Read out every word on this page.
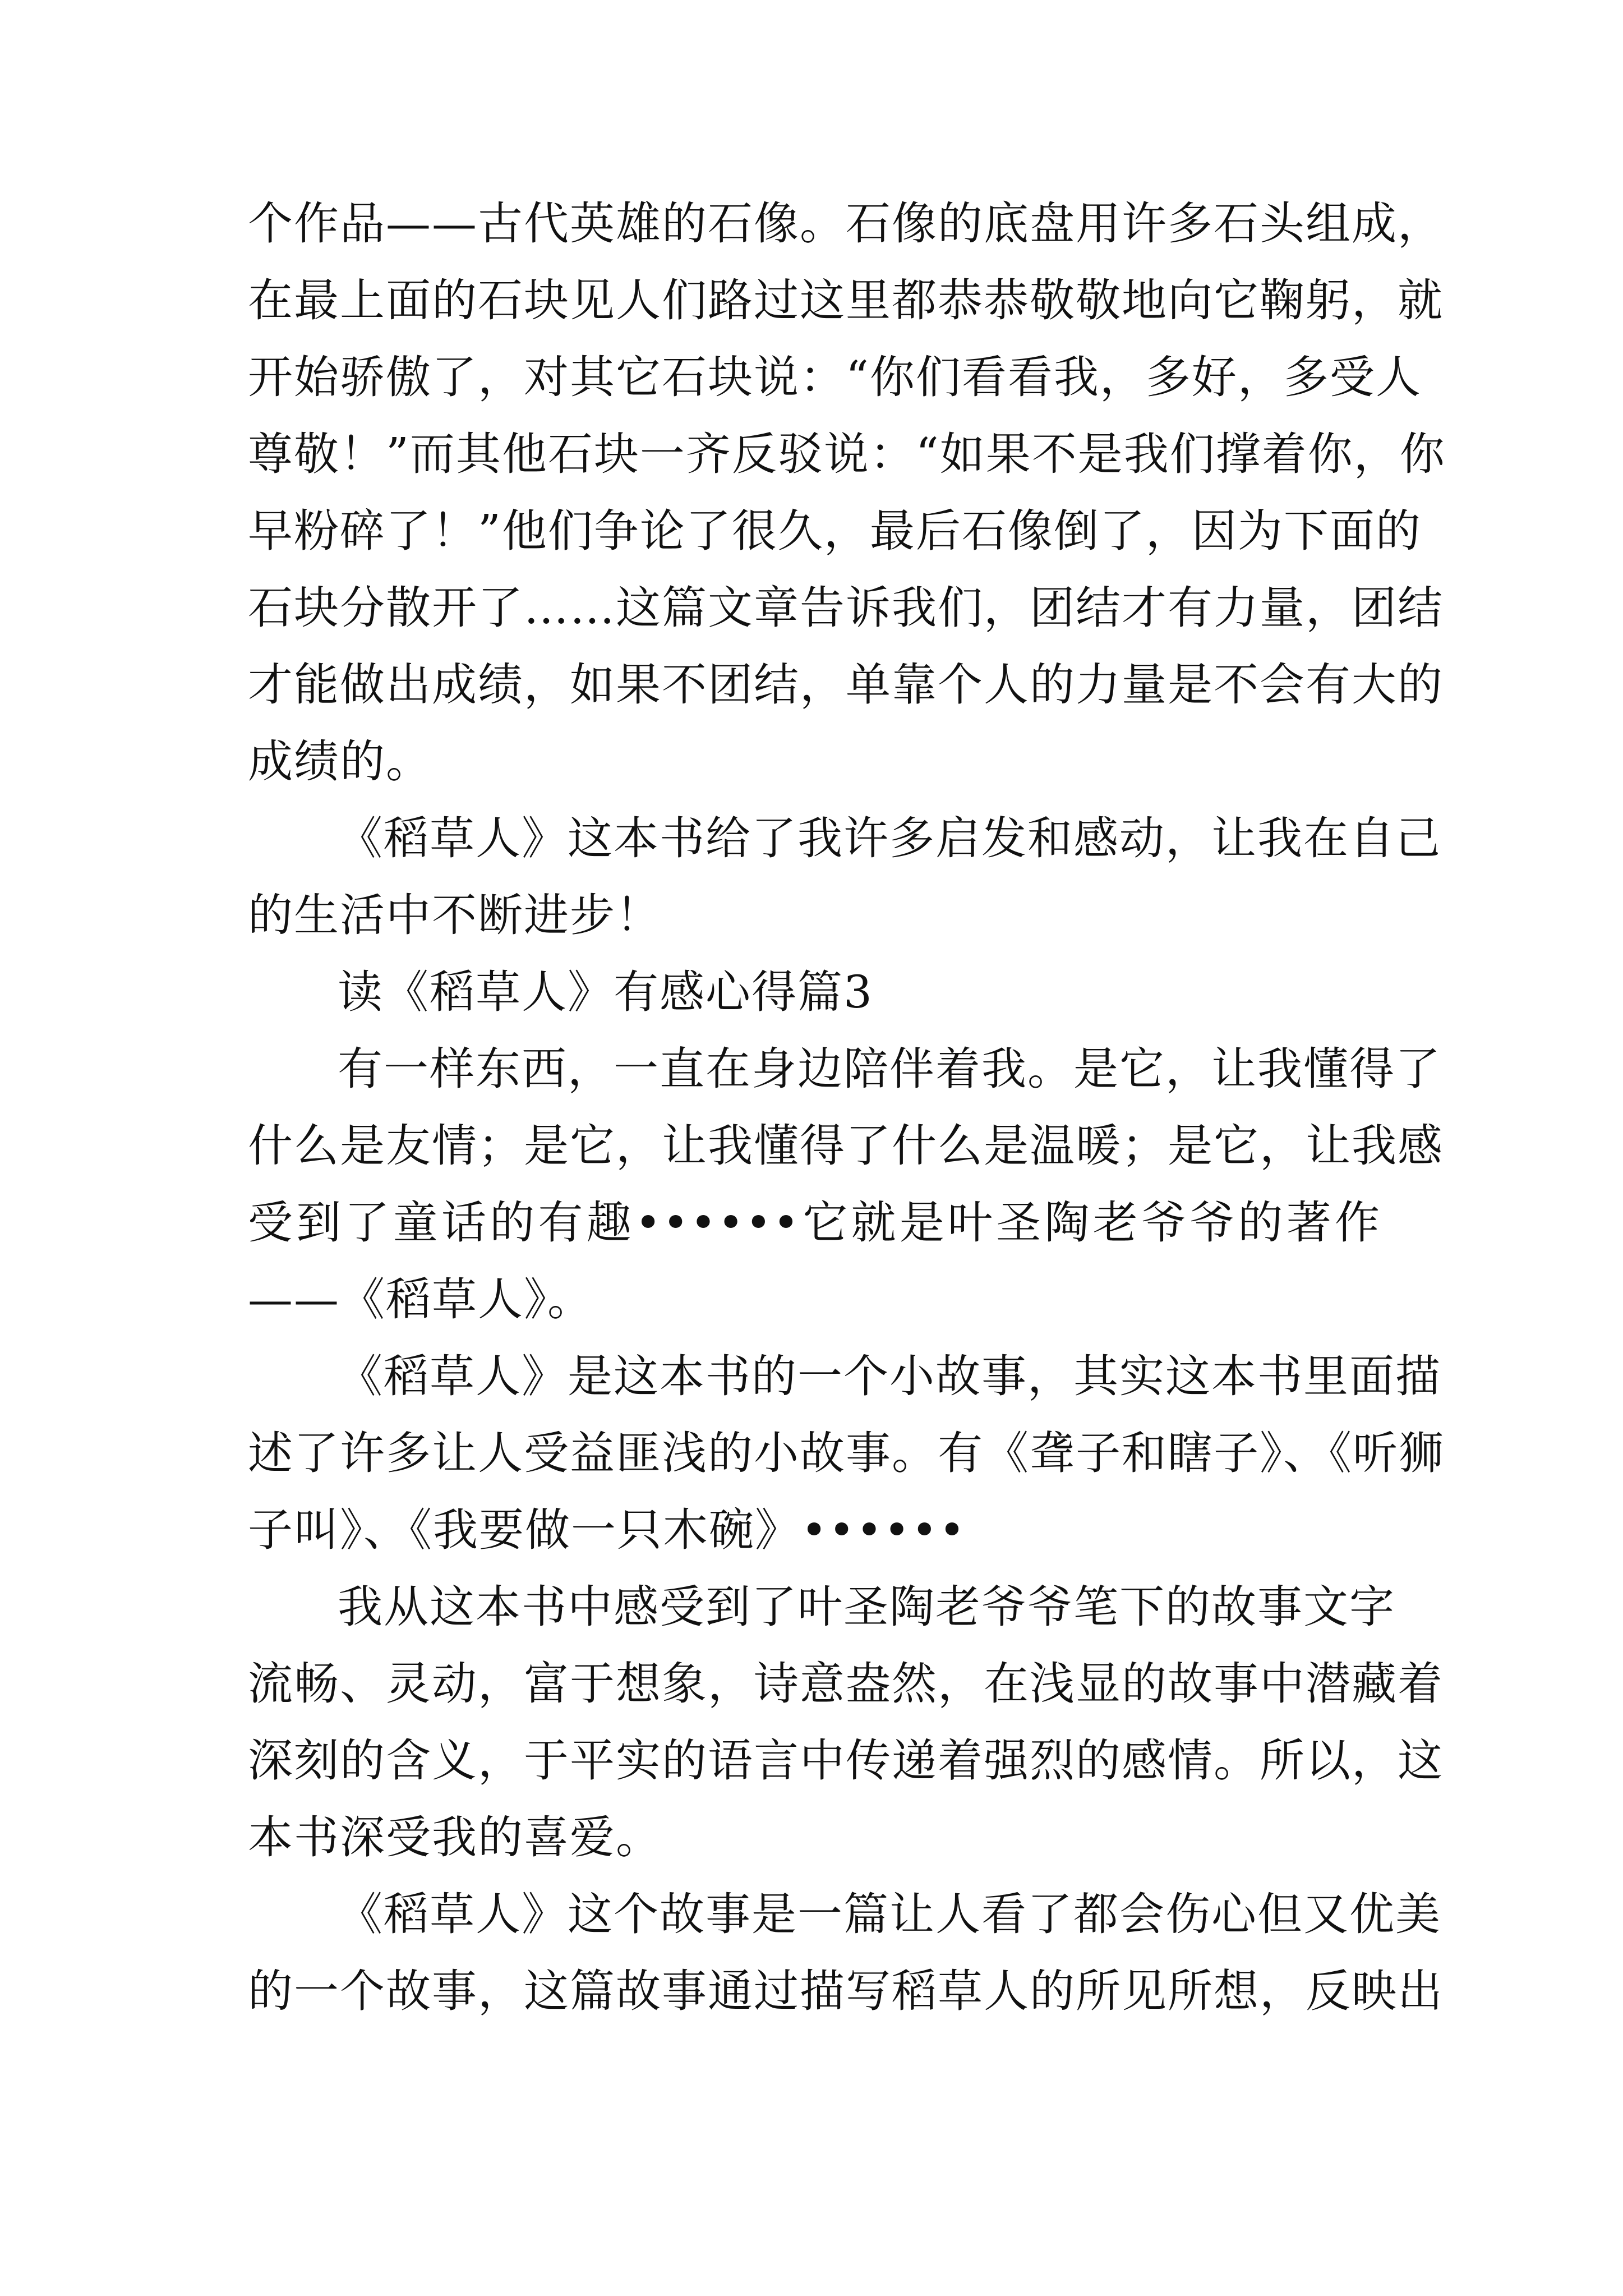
个作品——古代英雄的石像。石像的底盘用许多石头组成，
在最上面的石块见人们路过这里都恭恭敬敬地向它鞠躬，就
开始骄傲了，对其它石块说：“你们看看我，多好，多受人
尊敬！”而其他石块一齐反驳说：“如果不是我们撑着你，你
早粉碎了！”他们争论了很久，最后石像倒了，因为下面的
石块分散开了……这篇文章告诉我们，团结才有力量，团结
才能做出成绩，如果不团结，单靠个人的力量是不会有大的
成绩的。
《稻草人》这本书给了我许多启发和感动，让我在自己
的生活中不断进步！
读《稻草人》有感心得篇3
有一样东西，一直在身边陪伴着我。是它，让我懂得了
什么是友情；是它，让我懂得了什么是温暖；是它，让我感
受到了童话的有趣••••••它就是叶圣陶老爷爷的著作
——《稻草人》。
《稻草人》是这本书的一个小故事，其实这本书里面描
述了许多让人受益匪浅的小故事。有《聋子和瞎子》、《听狮
子叫》、《我要做一只木碗》••••••
我从这本书中感受到了叶圣陶老爷爷笔下的故事文字
流畅、灵动，富于想象，诗意盎然，在浅显的故事中潜藏着
深刻的含义，于平实的语言中传递着强烈的感情。所以，这
本书深受我的喜爱。
《稻草人》这个故事是一篇让人看了都会伤心但又优美
的一个故事，这篇故事通过描写稻草人的所见所想，反映出
